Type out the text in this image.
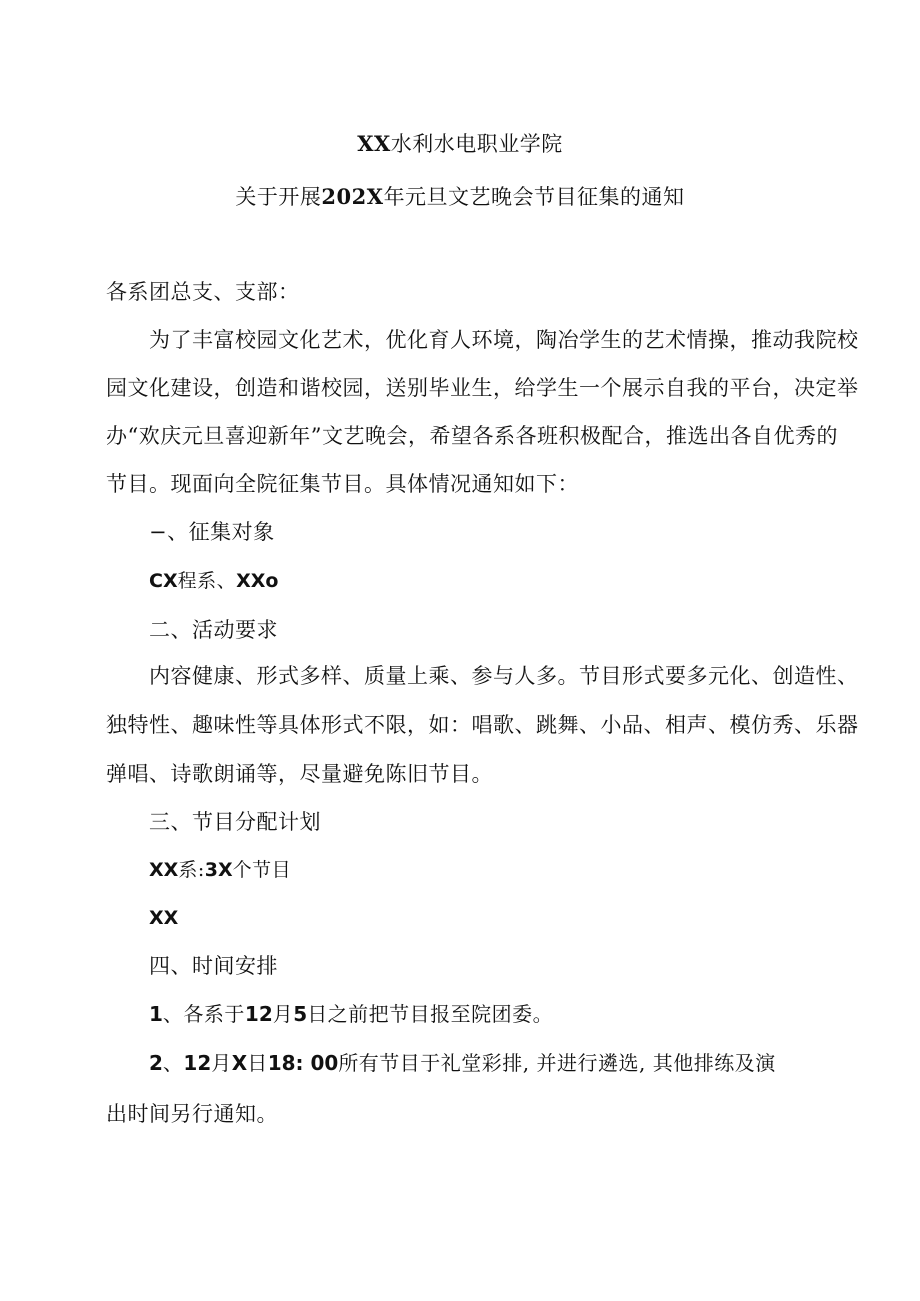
XX水利水电职业学院
关于开展202X年元旦文艺晚会节目征集的通知
各系团总支、支部：
为了丰富校园文化艺术，优化育人环境，陶冶学生的艺术情操，推动我院校
园文化建设，创造和谐校园，送别毕业生，给学生一个展示自我的平台，决定举
办“欢庆元旦喜迎新年”文艺晚会，希望各系各班积极配合，推选出各自优秀的
节目。现面向全院征集节目。具体情况通知如下：
−、征集对象
CX程系、XXo
二、活动要求
内容健康、形式多样、质量上乘、参与人多。节目形式要多元化、创造性、
独特性、趣味性等具体形式不限，如：唱歌、跳舞、小品、相声、模仿秀、乐器
弹唱、诗歌朗诵等，尽量避免陈旧节目。
三、节目分配计划
XX系:3X个节目
XX
四、时间安排
1、各系于12月5日之前把节目报至院团委。
2、12月X日18: 00所有节目于礼堂彩排, 并进行遴选, 其他排练及演
出时间另行通知。
